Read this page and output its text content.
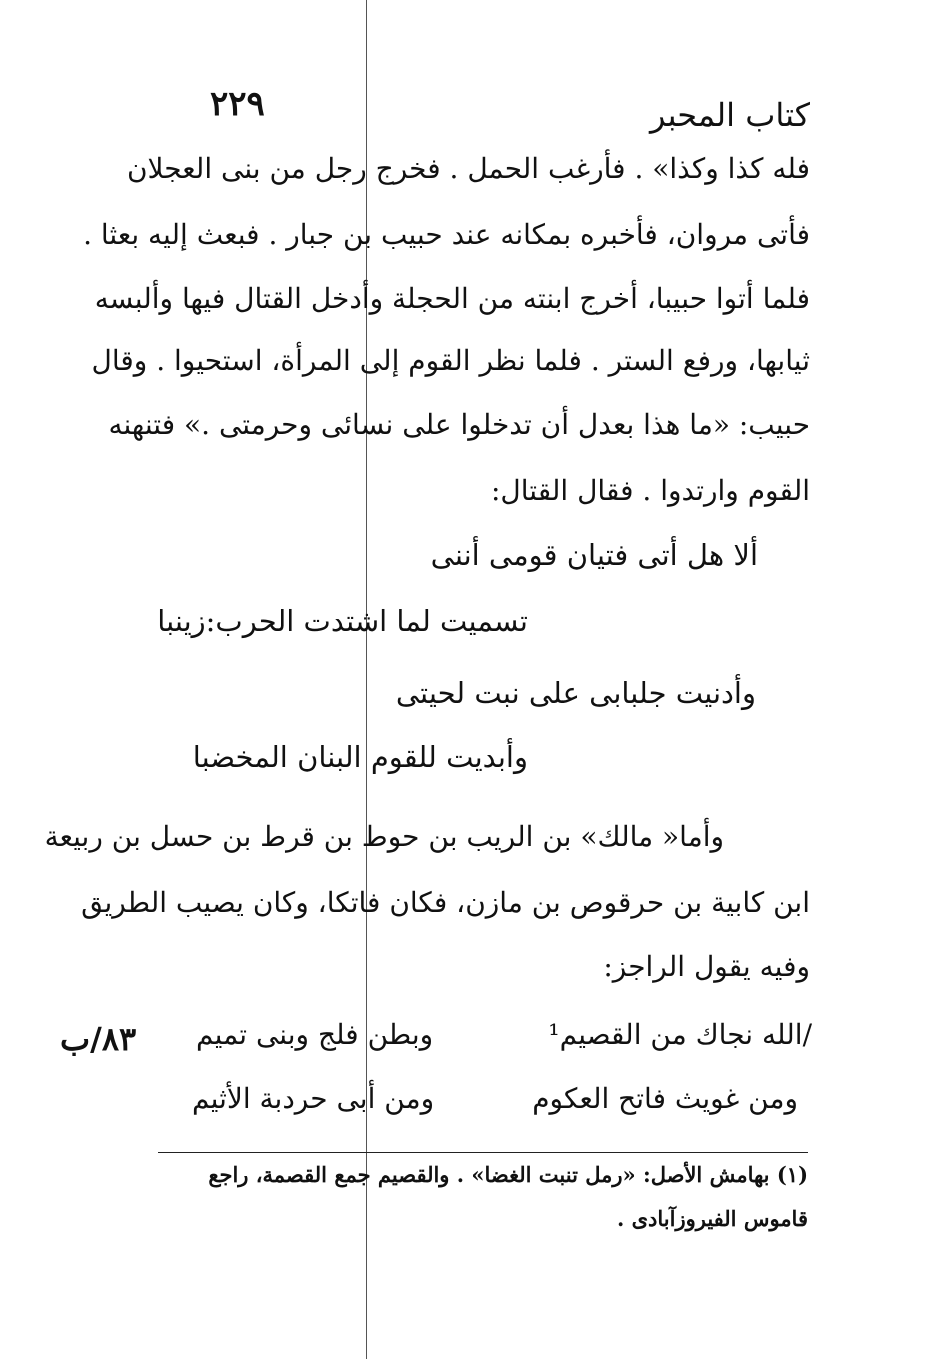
كتاب المحبر
٢٢٩
فله كذا وكذا» . فأرغب الحمل . فخرج رجل من بنى العجلان
فأتى مروان، فأخبره بمكانه عند حبيب بن جبار . فبعث إليه بعثا .
فلما أتوا حبيبا، أخرج ابنته من الحجلة وأدخل القتال فيها وألبسه
ثيابها، ورفع الستر . فلما نظر القوم إلى المرأة، استحيوا . وقال
حبيب: «ما هذا بعدل أن تدخلوا على نسائى وحرمتى .» فتنهنه
القوم وارتدوا . فقال القتال:
ألا هل أتى فتيان قومى أننى
تسميت لما اشتدت الحرب:زينبا
وأدنيت جلبابى على نبت لحيتى
وأبديت للقوم البنان المخضبا
وأما« مالك» بن الريب بن حوط بن قرط بن حسل بن ربيعة
ابن كابية بن حرقوص بن مازن، فكان فاتكا، وكان يصيب الطريق
وفيه يقول الراجز:
/الله نجاك من القصيم¹
وبطن فلج وبنى تميم
ومن غويث فاتح العكوم
ومن أبى حردبة الأثيم
٨٣/ب
(١) بهامش الأصل: «رمل تنبت الغضا» . والقصيم جمع القصمة، راجع
قاموس الفيروزآبادى .
